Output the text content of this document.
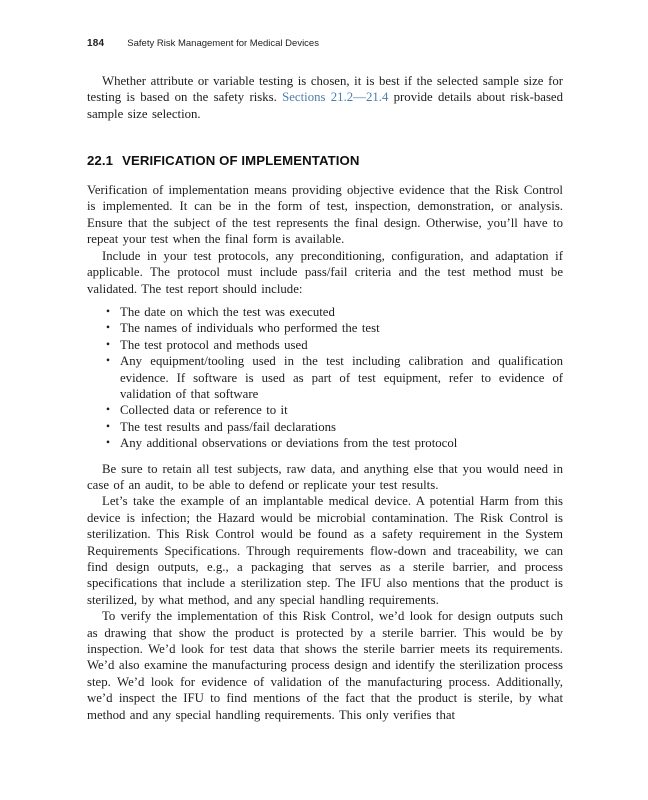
184 Safety Risk Management for Medical Devices

Whether attribute or variable testing is chosen, it is best if the selected sample size for testing is based on the safety risks. Sections 21.2—21.4 provide details about risk-based sample size selection.

22.1 VERIFICATION OF IMPLEMENTATION

Verification of implementation means providing objective evidence that the Risk Control is implemented. It can be in the form of test, inspection, demonstration, or analysis. Ensure that the subject of the test represents the final design. Otherwise, you’ll have to repeat your test when the final form is available.

Include in your test protocols, any preconditioning, configuration, and adaptation if applicable. The protocol must include pass/fail criteria and the test method must be validated. The test report should include:

• The date on which the test was executed
• The names of individuals who performed the test
• The test protocol and methods used
• Any equipment/tooling used in the test including calibration and qualification evidence. If software is used as part of test equipment, refer to evidence of validation of that software
• Collected data or reference to it
• The test results and pass/fail declarations
• Any additional observations or deviations from the test protocol

Be sure to retain all test subjects, raw data, and anything else that you would need in case of an audit, to be able to defend or replicate your test results.

Let’s take the example of an implantable medical device. A potential Harm from this device is infection; the Hazard would be microbial contamination. The Risk Control is sterilization. This Risk Control would be found as a safety requirement in the System Requirements Specifications. Through requirements flow-down and traceability, we can find design outputs, e.g., a packaging that serves as a sterile barrier, and process specifications that include a sterilization step. The IFU also mentions that the product is sterilized, by what method, and any special handling requirements.

To verify the implementation of this Risk Control, we’d look for design outputs such as drawing that show the product is protected by a sterile barrier. This would be by inspection. We’d look for test data that shows the sterile barrier meets its requirements. We’d also examine the manufacturing process design and identify the sterilization process step. We’d look for evidence of validation of the manufacturing process. Additionally, we’d inspect the IFU to find mentions of the fact that the product is sterile, by what method and any special handling requirements. This only verifies that
